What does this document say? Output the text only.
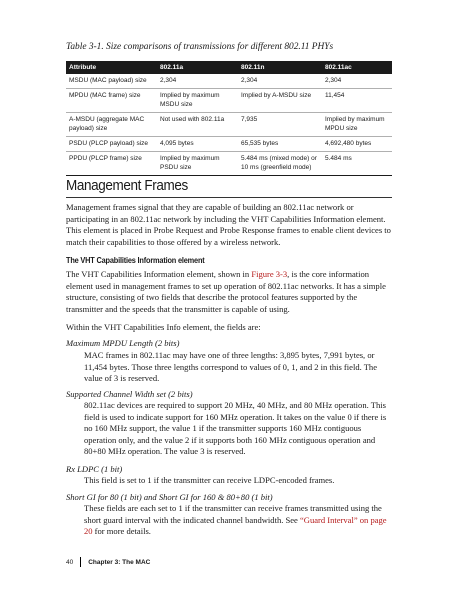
Table 3-1. Size comparisons of transmissions for different 802.11 PHYs
Attribute	802.11a	802.11n	802.11ac
MSDU (MAC payload) size	2,304	2,304	2,304
MPDU (MAC frame) size	Implied by maximum MSDU size	Implied by A-MSDU size	11,454
A-MSDU (aggregate MAC payload) size	Not used with 802.11a	7,935	Implied by maximum MPDU size
PSDU (PLCP payload) size	4,095 bytes	65,535 bytes	4,692,480 bytes
PPDU (PLCP frame) size	Implied by maximum PSDU size	5.484 ms (mixed mode) or 10 ms (greenfield mode)	5.484 ms
Management Frames

Management frames signal that they are capable of building an 802.11ac network or participating in an 802.11ac network by including the VHT Capabilities Information element. This element is placed in Probe Request and Probe Response frames to enable client devices to match their capabilities to those offered by a wireless network.

The VHT Capabilities Information element

The VHT Capabilities Information element, shown in Figure 3-3, is the core information element used in management frames to set up operation of 802.11ac networks. It has a simple structure, consisting of two fields that describe the protocol features supported by the transmitter and the speeds that the transmitter is capable of using.

Within the VHT Capabilities Info element, the fields are:

Maximum MPDU Length (2 bits)

MAC frames in 802.11ac may have one of three lengths: 3,895 bytes, 7,991 bytes, or 11,454 bytes. Those three lengths correspond to values of 0, 1, and 2 in this field. The value of 3 is reserved.

Supported Channel Width set (2 bits)

802.11ac devices are required to support 20 MHz, 40 MHz, and 80 MHz operation. This field is used to indicate support for 160 MHz operation. It takes on the value 0 if there is no 160 MHz support, the value 1 if the transmitter supports 160 MHz contiguous operation only, and the value 2 if it supports both 160 MHz contiguous operation and 80+80 MHz operation. The value 3 is reserved.

Rx LDPC (1 bit)

This field is set to 1 if the transmitter can receive LDPC-encoded frames.

Short GI for 80 (1 bit) and Short GI for 160 & 80+80 (1 bit)

These fields are each set to 1 if the transmitter can receive frames transmitted using the short guard interval with the indicated channel bandwidth. See “Guard Interval” on page 20 for more details.

40 Chapter 3: The MAC
